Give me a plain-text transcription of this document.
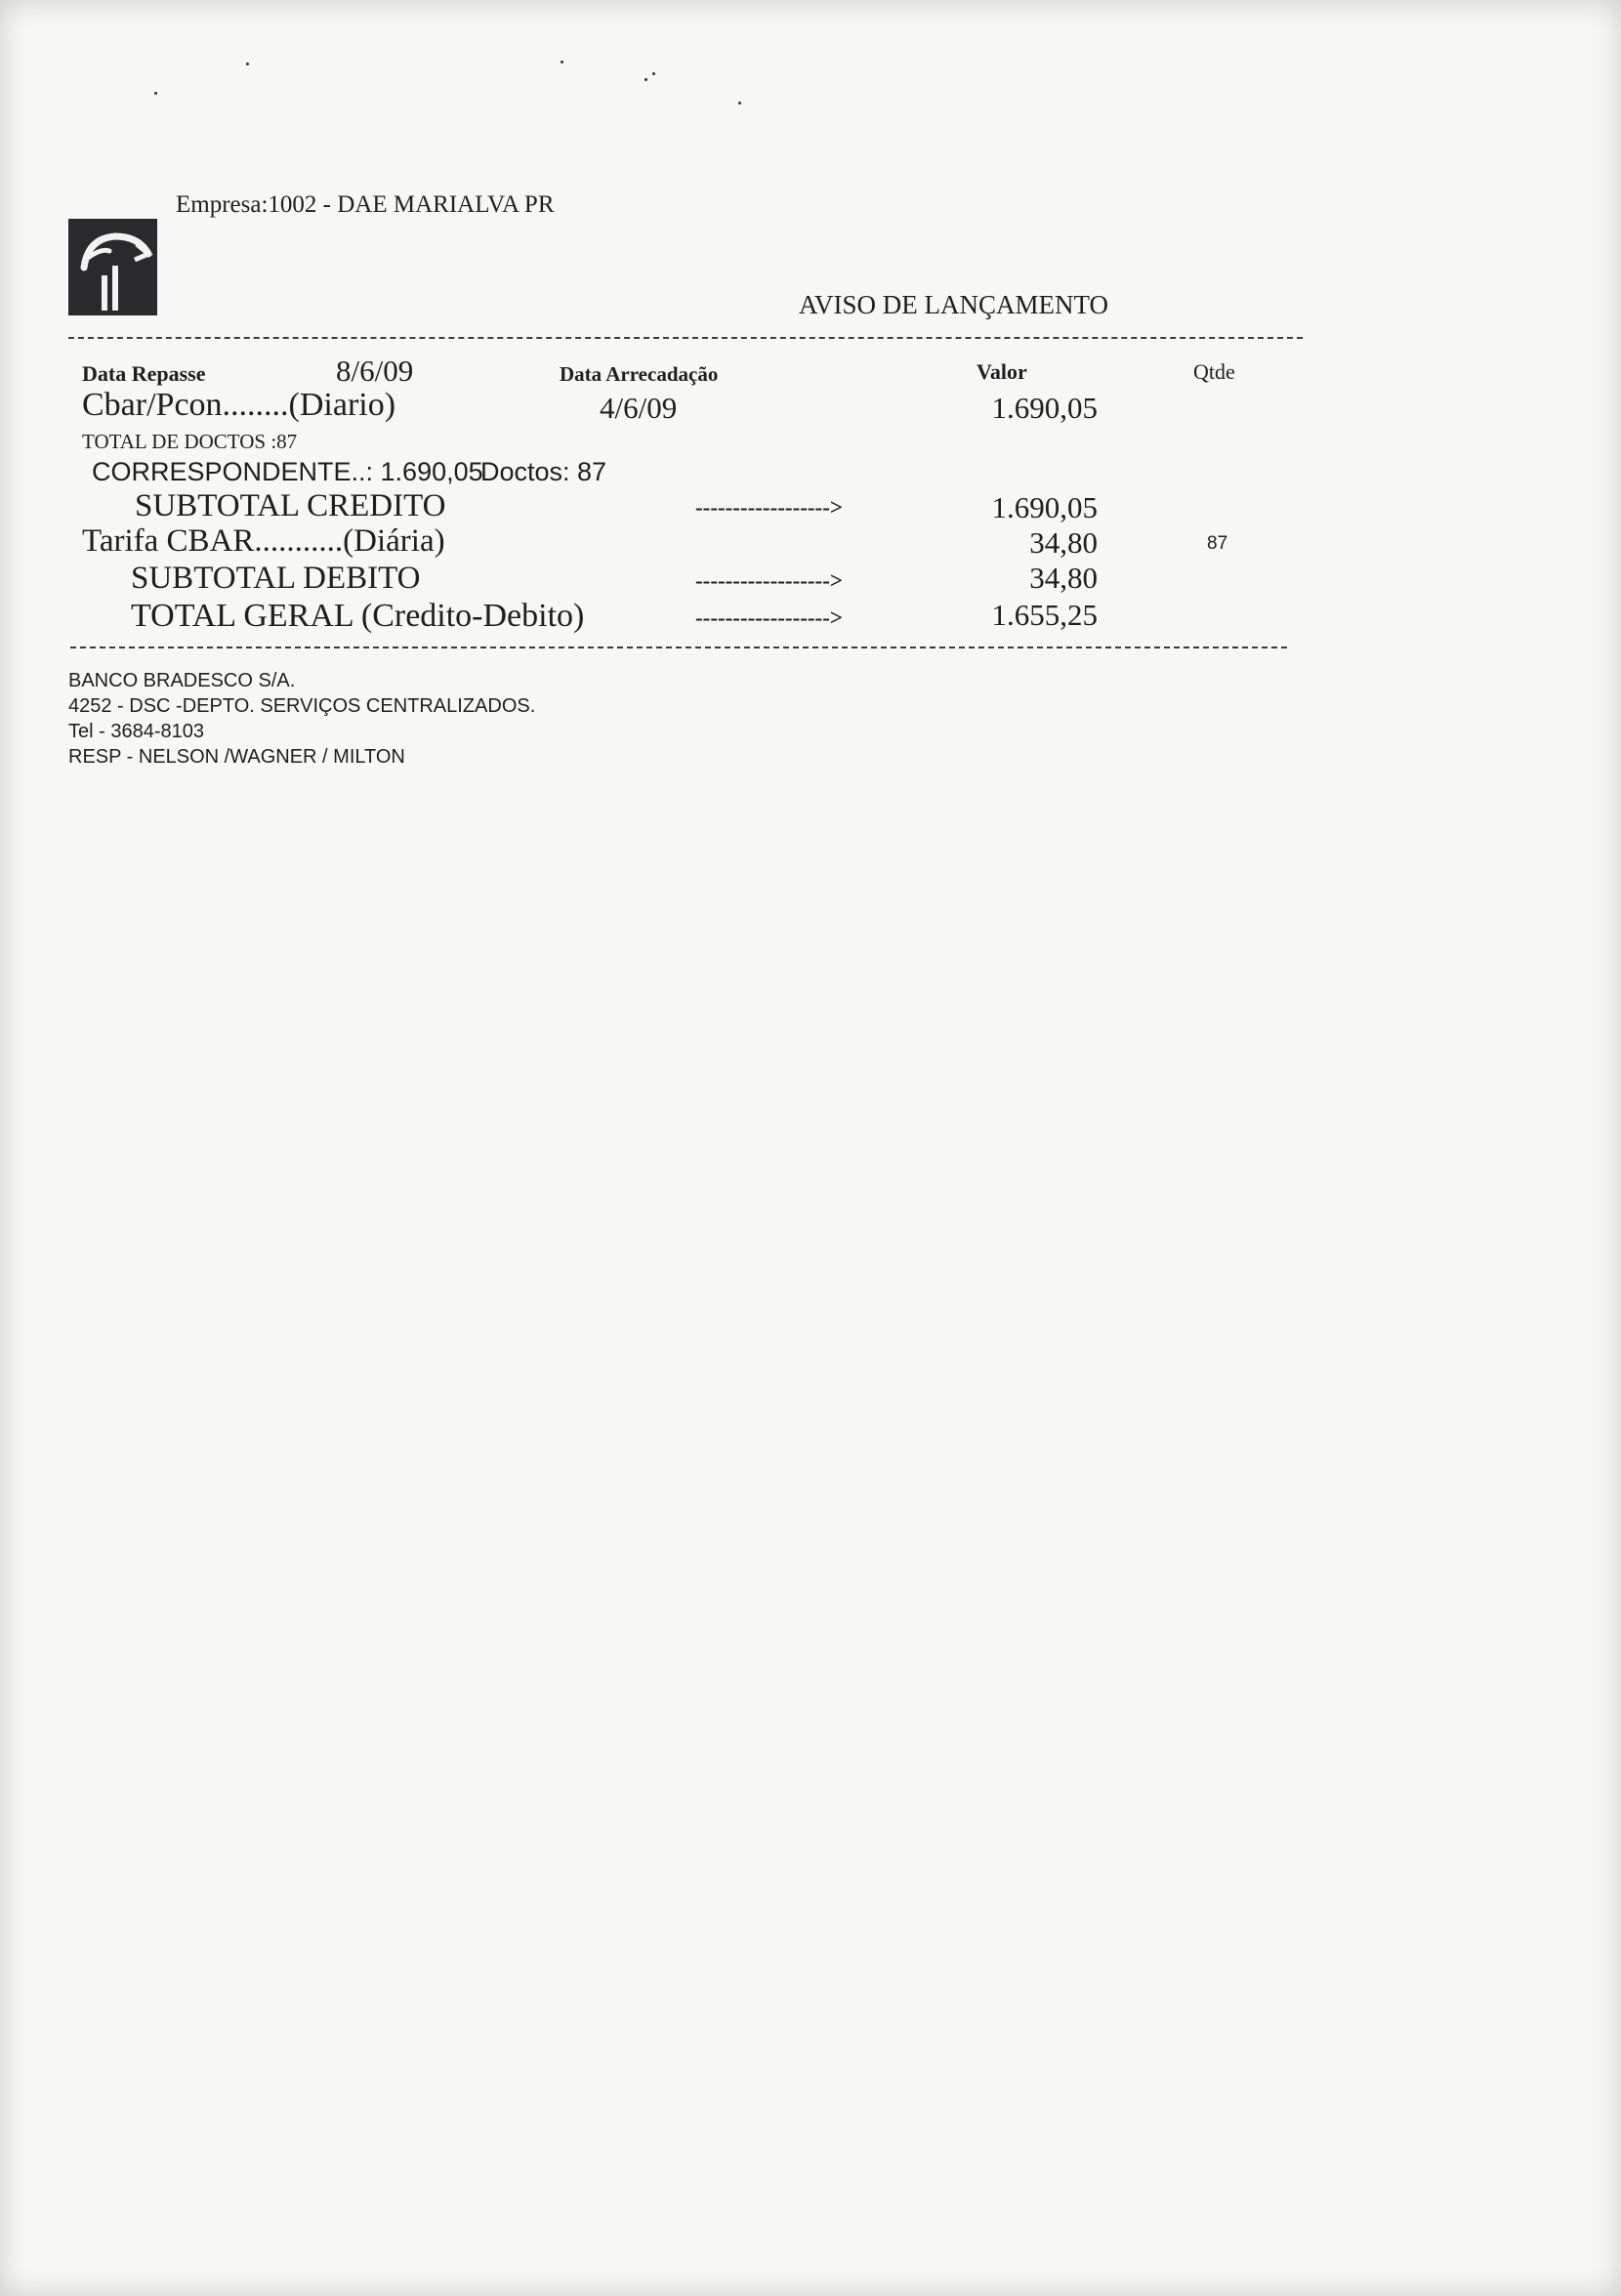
Empresa:1002 - DAE MARIALVA PR
AVISO DE LANÇAMENTO
Data Repasse	8/6/09	Data Arrecadação	Valor	Qtde
Cbar/Pcon........(Diario)	4/6/09	1.690,05
TOTAL DE DOCTOS :87
CORRESPONDENTE..: 1.690,05
Doctos: 87
SUBTOTAL CREDITO	------------------>	1.690,05
Tarifa CBAR...........(Diária)	34,80	87
SUBTOTAL DEBITO	------------------>	34,80
TOTAL GERAL (Credito-Debito)	------------------>	1.655,25
BANCO BRADESCO S/A.
4252 - DSC -DEPTO. SERVIÇOS CENTRALIZADOS.
Tel - 3684-8103
RESP - NELSON /WAGNER / MILTON
